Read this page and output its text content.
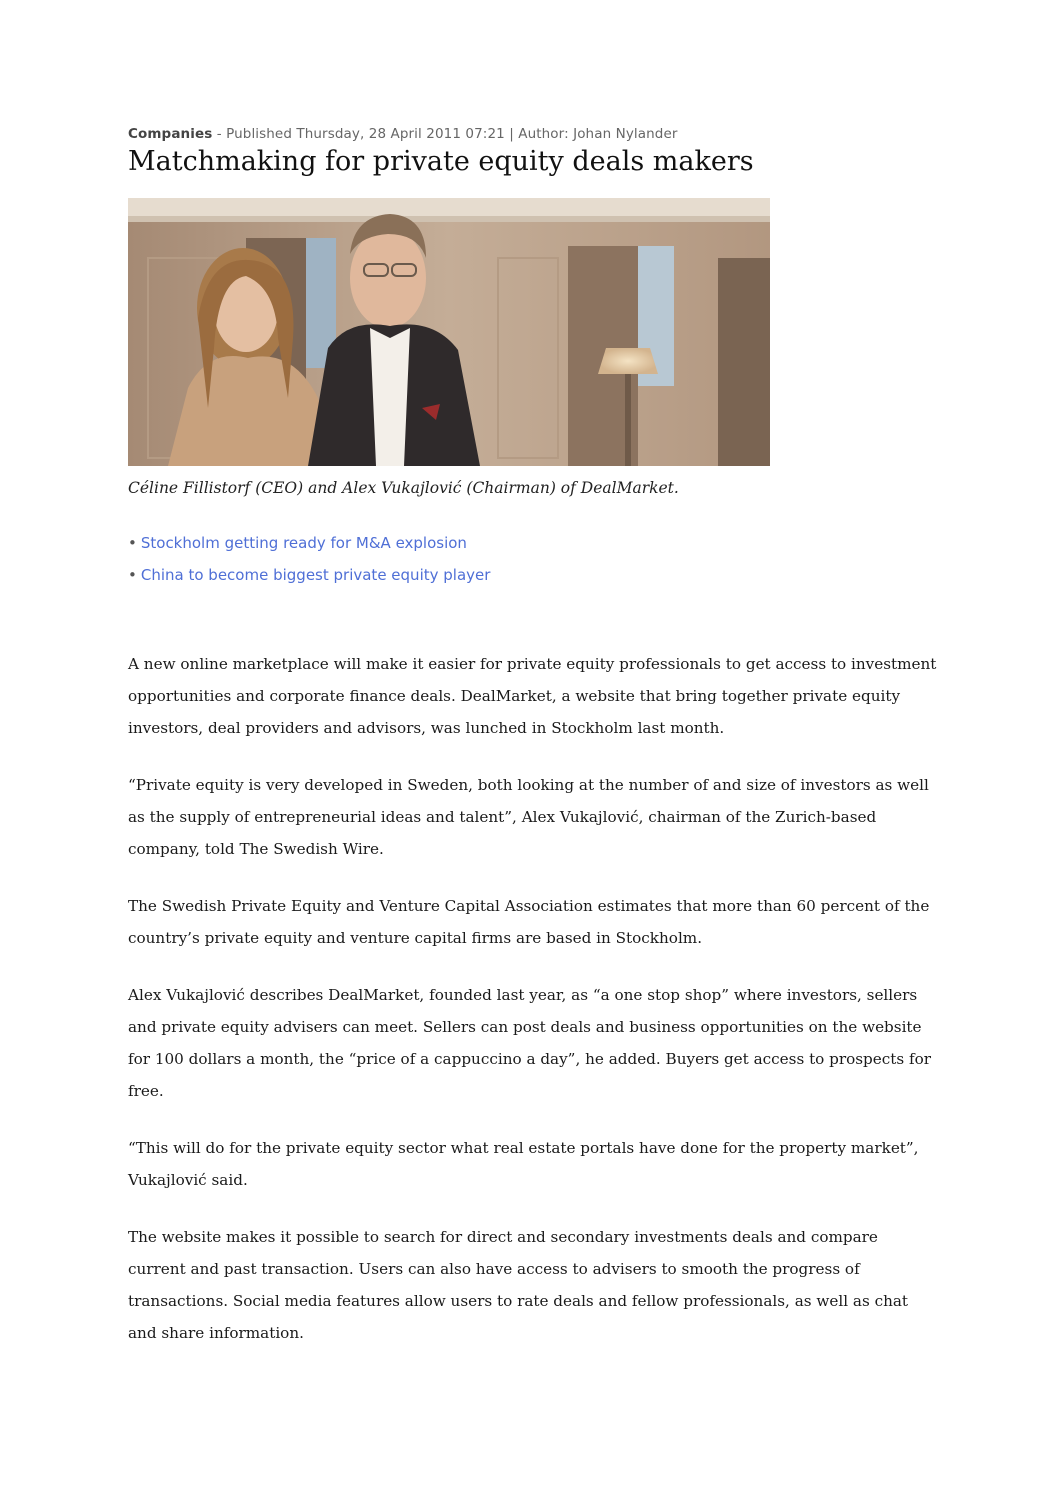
Companies - Published Thursday, 28 April 2011 07:21 | Author: Johan Nylander
Matchmaking for private equity deals makers
Céline Fillistorf (CEO) and Alex Vukajlović (Chairman) of DealMarket.
• Stockholm getting ready for M&A explosion
• China to become biggest private equity player

A new online marketplace will make it easier for private equity professionals to get access to investment opportunities and corporate finance deals. DealMarket, a website that bring together private equity investors, deal providers and advisors, was lunched in Stockholm last month.

“Private equity is very developed in Sweden, both looking at the number of and size of investors as well as the supply of entrepreneurial ideas and talent”, Alex Vukajlović, chairman of the Zurich-based company, told The Swedish Wire.

The Swedish Private Equity and Venture Capital Association estimates that more than 60 percent of the country’s private equity and venture capital firms are based in Stockholm.

Alex Vukajlović describes DealMarket, founded last year, as “a one stop shop” where investors, sellers and private equity advisers can meet. Sellers can post deals and business opportunities on the website for 100 dollars a month, the “price of a cappuccino a day”, he added. Buyers get access to prospects for free.

“This will do for the private equity sector what real estate portals have done for the property market”, Vukajlović said.

The website makes it possible to search for direct and secondary investments deals and compare current and past transaction. Users can also have access to advisers to smooth the progress of transactions. Social media features allow users to rate deals and fellow professionals, as well as chat and share information.
